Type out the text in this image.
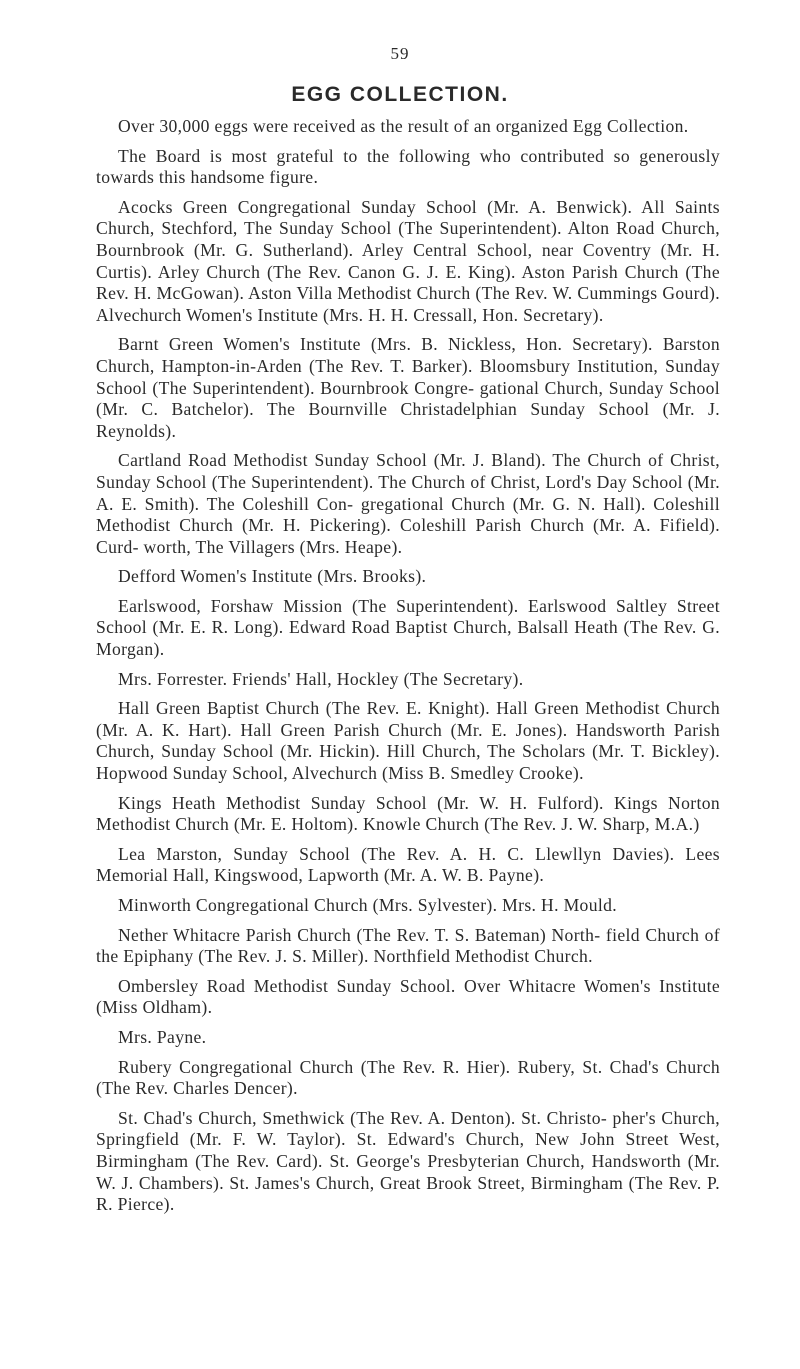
59
EGG COLLECTION.

Over 30,000 eggs were received as the result of an organized Egg Collection.

The Board is most grateful to the following who contributed so generously towards this handsome figure.

Acocks Green Congregational Sunday School (Mr. A. Benwick). All Saints Church, Stechford, The Sunday School (The Superintendent). Alton Road Church, Bournbrook (Mr. G. Sutherland). Arley Central School, near Coventry (Mr. H. Curtis). Arley Church (The Rev. Canon G. J. E. King). Aston Parish Church (The Rev. H. McGowan). Aston Villa Methodist Church (The Rev. W. Cummings Gourd). Alvechurch Women's Institute (Mrs. H. H. Cressall, Hon. Secretary).

Barnt Green Women's Institute (Mrs. B. Nickless, Hon. Secretary). Barston Church, Hampton-in-Arden (The Rev. T. Barker). Bloomsbury Institution, Sunday School (The Superintendent). Bournbrook Congre- gational Church, Sunday School (Mr. C. Batchelor). The Bournville Christadelphian Sunday School (Mr. J. Reynolds).

Cartland Road Methodist Sunday School (Mr. J. Bland). The Church of Christ, Sunday School (The Superintendent). The Church of Christ, Lord's Day School (Mr. A. E. Smith). The Coleshill Con- gregational Church (Mr. G. N. Hall). Coleshill Methodist Church (Mr. H. Pickering). Coleshill Parish Church (Mr. A. Fifield). Curd- worth, The Villagers (Mrs. Heape).

Defford Women's Institute (Mrs. Brooks).

Earlswood, Forshaw Mission (The Superintendent). Earlswood Saltley Street School (Mr. E. R. Long). Edward Road Baptist Church, Balsall Heath (The Rev. G. Morgan).

Mrs. Forrester. Friends' Hall, Hockley (The Secretary).

Hall Green Baptist Church (The Rev. E. Knight). Hall Green Methodist Church (Mr. A. K. Hart). Hall Green Parish Church (Mr. E. Jones). Handsworth Parish Church, Sunday School (Mr. Hickin). Hill Church, The Scholars (Mr. T. Bickley). Hopwood Sunday School, Alvechurch (Miss B. Smedley Crooke).

Kings Heath Methodist Sunday School (Mr. W. H. Fulford). Kings Norton Methodist Church (Mr. E. Holtom). Knowle Church (The Rev. J. W. Sharp, M.A.)

Lea Marston, Sunday School (The Rev. A. H. C. Llewllyn Davies). Lees Memorial Hall, Kingswood, Lapworth (Mr. A. W. B. Payne).

Minworth Congregational Church (Mrs. Sylvester). Mrs. H. Mould.

Nether Whitacre Parish Church (The Rev. T. S. Bateman) North- field Church of the Epiphany (The Rev. J. S. Miller). Northfield Methodist Church.

Ombersley Road Methodist Sunday School. Over Whitacre Women's Institute (Miss Oldham).

Mrs. Payne.

Rubery Congregational Church (The Rev. R. Hier). Rubery, St. Chad's Church (The Rev. Charles Dencer).

St. Chad's Church, Smethwick (The Rev. A. Denton). St. Christo- pher's Church, Springfield (Mr. F. W. Taylor). St. Edward's Church, New John Street West, Birmingham (The Rev. Card). St. George's Presbyterian Church, Handsworth (Mr. W. J. Chambers). St. James's Church, Great Brook Street, Birmingham (The Rev. P. R. Pierce).
